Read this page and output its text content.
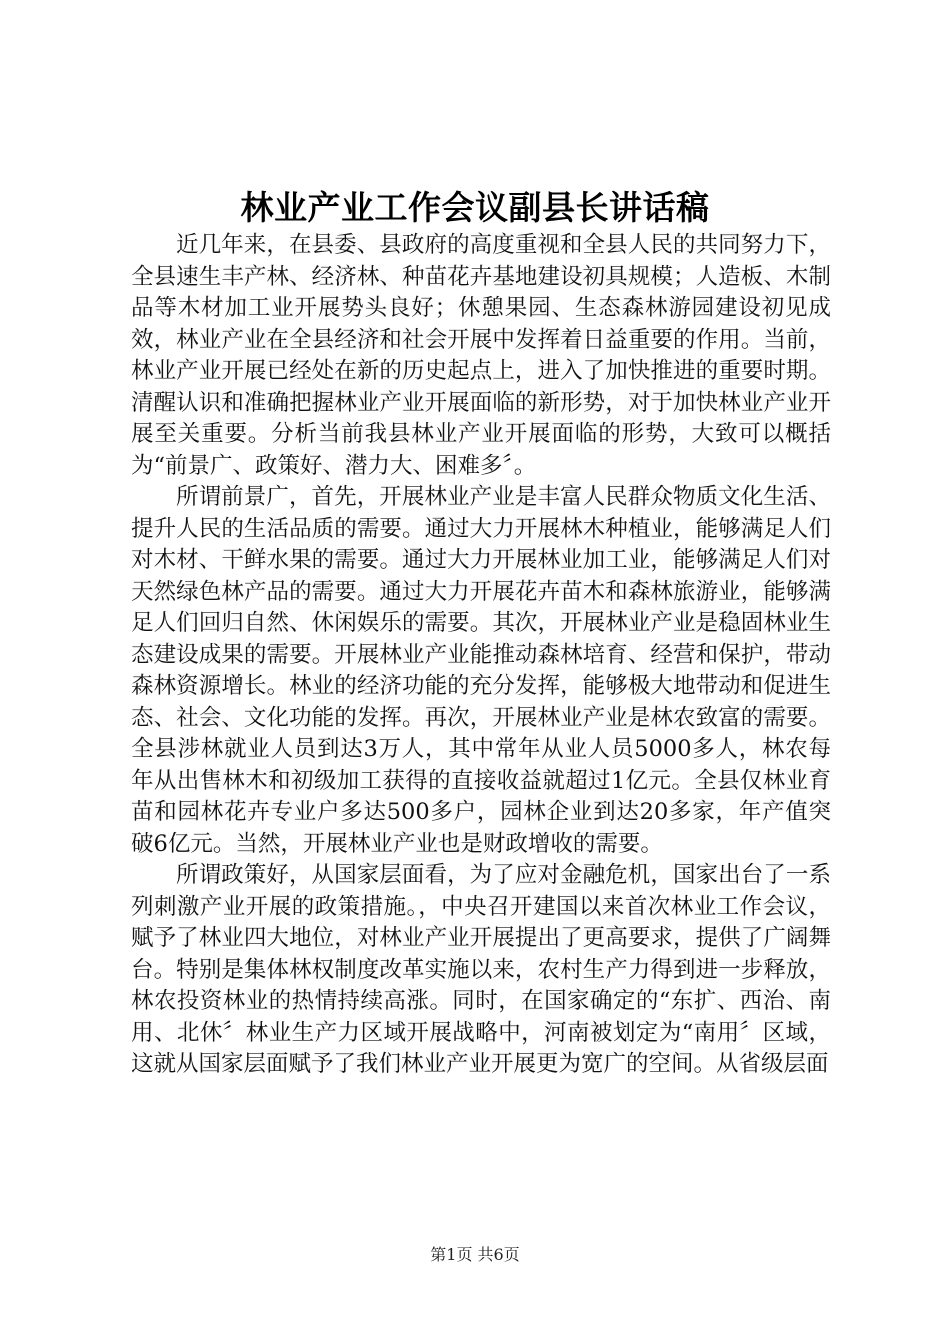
林业产业工作会议副县长讲话稿

近几年来，在县委、县政府的高度重视和全县人民的共同努力下，全县速生丰产林、经济林、种苗花卉基地建设初具规模；人造板、木制品等木材加工业开展势头良好；休憩果园、生态森林游园建设初见成效，林业产业在全县经济和社会开展中发挥着日益重要的作用。当前，林业产业开展已经处在新的历史起点上，进入了加快推进的重要时期。清醒认识和准确把握林业产业开展面临的新形势，对于加快林业产业开展至关重要。分析当前我县林业产业开展面临的形势，大致可以概括为“前景广、政策好、潜力大、困难多〞。

所谓前景广，首先，开展林业产业是丰富人民群众物质文化生活、提升人民的生活品质的需要。通过大力开展林木种植业，能够满足人们对木材、干鲜水果的需要。通过大力开展林业加工业，能够满足人们对天然绿色林产品的需要。通过大力开展花卉苗木和森林旅游业，能够满足人们回归自然、休闲娱乐的需要。其次，开展林业产业是稳固林业生态建设成果的需要。开展林业产业能推动森林培育、经营和保护，带动森林资源增长。林业的经济功能的充分发挥，能够极大地带动和促进生态、社会、文化功能的发挥。再次，开展林业产业是林农致富的需要。全县涉林就业人员到达3万人，其中常年从业人员5000多人，林农每年从出售林木和初级加工获得的直接收益就超过1亿元。全县仅林业育苗和园林花卉专业户多达500多户，园林企业到达20多家，年产值突破6亿元。当然，开展林业产业也是财政增收的需要。

所谓政策好，从国家层面看，为了应对金融危机，国家出台了一系列刺激产业开展的政策措施。，中央召开建国以来首次林业工作会议，赋予了林业四大地位，对林业产业开展提出了更高要求，提供了广阔舞台。特别是集体林权制度改革实施以来，农村生产力得到进一步释放，林农投资林业的热情持续高涨。同时，在国家确定的“东扩、西治、南用、北休〞林业生产力区域开展战略中，河南被划定为“南用〞区域，这就从国家层面赋予了我们林业产业开展更为宽广的空间。从省级层面

第1页 共6页
